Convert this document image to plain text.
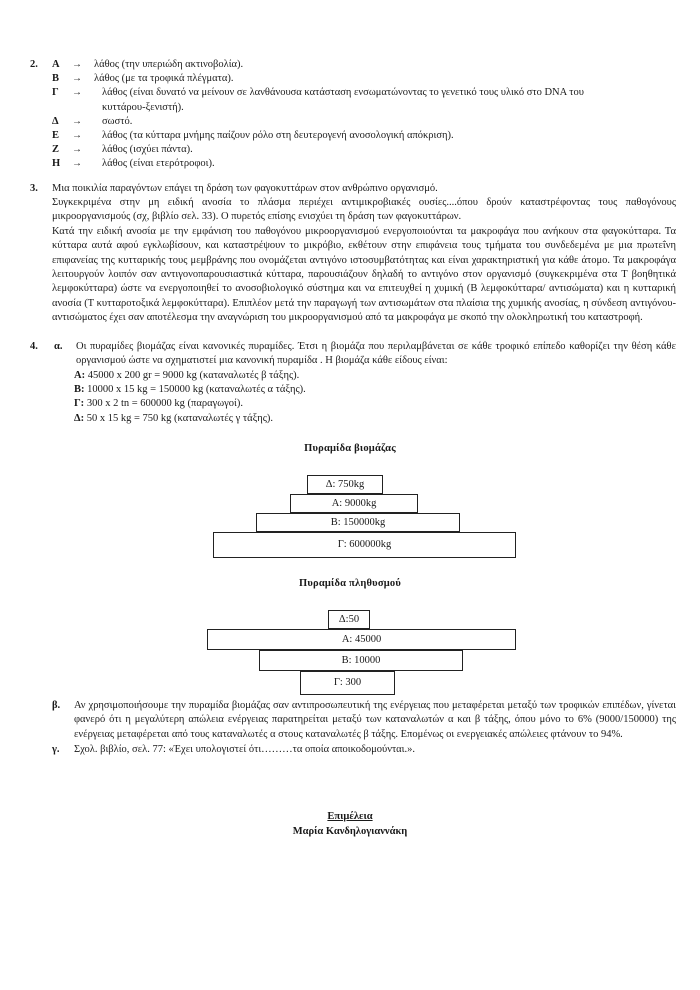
2.	A	→	λάθος (την υπεριώδη ακτινοβολία).
B	→	λάθος (με τα τροφικά πλέγματα).
Γ	→	λάθος (είναι δυνατό να μείνουν σε λανθάνουσα κατάσταση ενσωματώνοντας το γενετικό τους υλικό στο DNA του
κυττάρου-ξενιστή).
Δ	→	σωστό.
E	→	λάθος (τα κύτταρα μνήμης παίζουν ρόλο στη δευτερογενή ανοσολογική απόκριση).
Z	→	λάθος (ισχύει πάντα).
H	→	λάθος (είναι ετερότροφοι).
3.	Μια ποικιλία παραγόντων επάγει τη δράση των φαγοκυττάρων στον ανθρώπινο οργανισμό.

Συγκεκριμένα στην μη ειδική ανοσία το πλάσμα περιέχει αντιμικροβιακές ουσίες....όπου δρούν καταστρέφοντας τους παθογόνους μικροοργανισμούς (σχ, βιβλίο σελ. 33). Ο πυρετός επίσης ενισχύει τη δράση των φαγοκυττάρων.

Κατά την ειδική ανοσία με την εμφάνιση του παθογόνου μικροοργανισμού ενεργοποιούνται τα μακροφάγα που ανήκουν στα φαγοκύτταρα. Τα κύτταρα αυτά αφού εγκλωβίσουν, και καταστρέψουν το μικρόβιο, εκθέτουν στην επιφάνεια τους τμήματα του συνδεδεμένα με μια πρωτεΐνη επιφανείας της κυτταρικής τους μεμβράνης που ονομάζεται αντιγόνο ιστοσυμβατότητας και είναι χαρακτηριστική για κάθε άτομο. Τα μακροφάγα λειτουργούν λοιπόν σαν αντιγονοπαρουσιαστικά κύτταρα, παρουσιάζουν δηλαδή το αντιγόνο στον οργανισμό (συγκεκριμένα στα Τ βοηθητικά λεμφοκύτταρα) ώστε να ενεργοποιηθεί το ανοσοβιολογικό σύστημα και να επιτευχθεί η χυμική (Β λεμφοκύτταρα/ αντισώματα) και η κυτταρική ανοσία (Τ κυτταροτοξικά λεμφοκύτταρα). Επιπλέον μετά την παραγωγή των αντισωμάτων στα πλαίσια της χυμικής ανοσίας, η σύνδεση αντιγόνου-αντισώματος έχει σαν αποτέλεσμα την αναγνώριση του μικροοργανισμού από τα μακροφάγα με σκοπό την ολοκληρωτική του καταστροφή.

4.	α.	Οι πυραμίδες βιομάζας είναι κανονικές πυραμίδες. Έτσι η βιομάζα που περιλαμβάνεται σε κάθε τροφικό επίπεδο καθορίζει την θέση κάθε οργανισμού ώστε να σχηματιστεί μια κανονική πυραμίδα . Η βιομάζα κάθε είδους είναι:
A: 45000 x 200 gr = 9000 kg (καταναλωτές β τάξης).
B: 10000 x 15 kg = 150000 kg (καταναλωτές α τάξης).
Γ: 300 x 2 tn = 600000 kg (παραγωγοί).
Δ: 50 x 15 kg = 750 kg (καταναλωτές γ τάξης).
Πυραμίδα βιομάζας
Δ: 750kg
A: 9000kg
B: 150000kg
Γ: 600000kg
Πυραμίδα πληθυσμού
Δ:50
A: 45000
B: 10000
Γ: 300
β.	Αν χρησιμοποιήσουμε την πυραμίδα βιομάζας σαν αντιπροσωπευτική της ενέργειας που μεταφέρεται μεταξύ των τροφικών επιπέδων, γίνεται φανερό ότι η μεγαλύτερη απώλεια ενέργειας παρατηρείται μεταξύ των καταναλωτών α και β τάξης, όπου μόνο το 6% (9000/150000) της ενέργειας μεταφέρεται από τους καταναλωτές α στους καταναλωτές β τάξης. Επομένως οι ενεργειακές απώλειες φτάνουν το 94%.
γ.	Σχολ. βιβλίο, σελ. 77: «Έχει υπολογιστεί ότι………τα οποία αποικοδομούνται.».
Επιμέλεια
Μαρία Κανδηλογιαννάκη
